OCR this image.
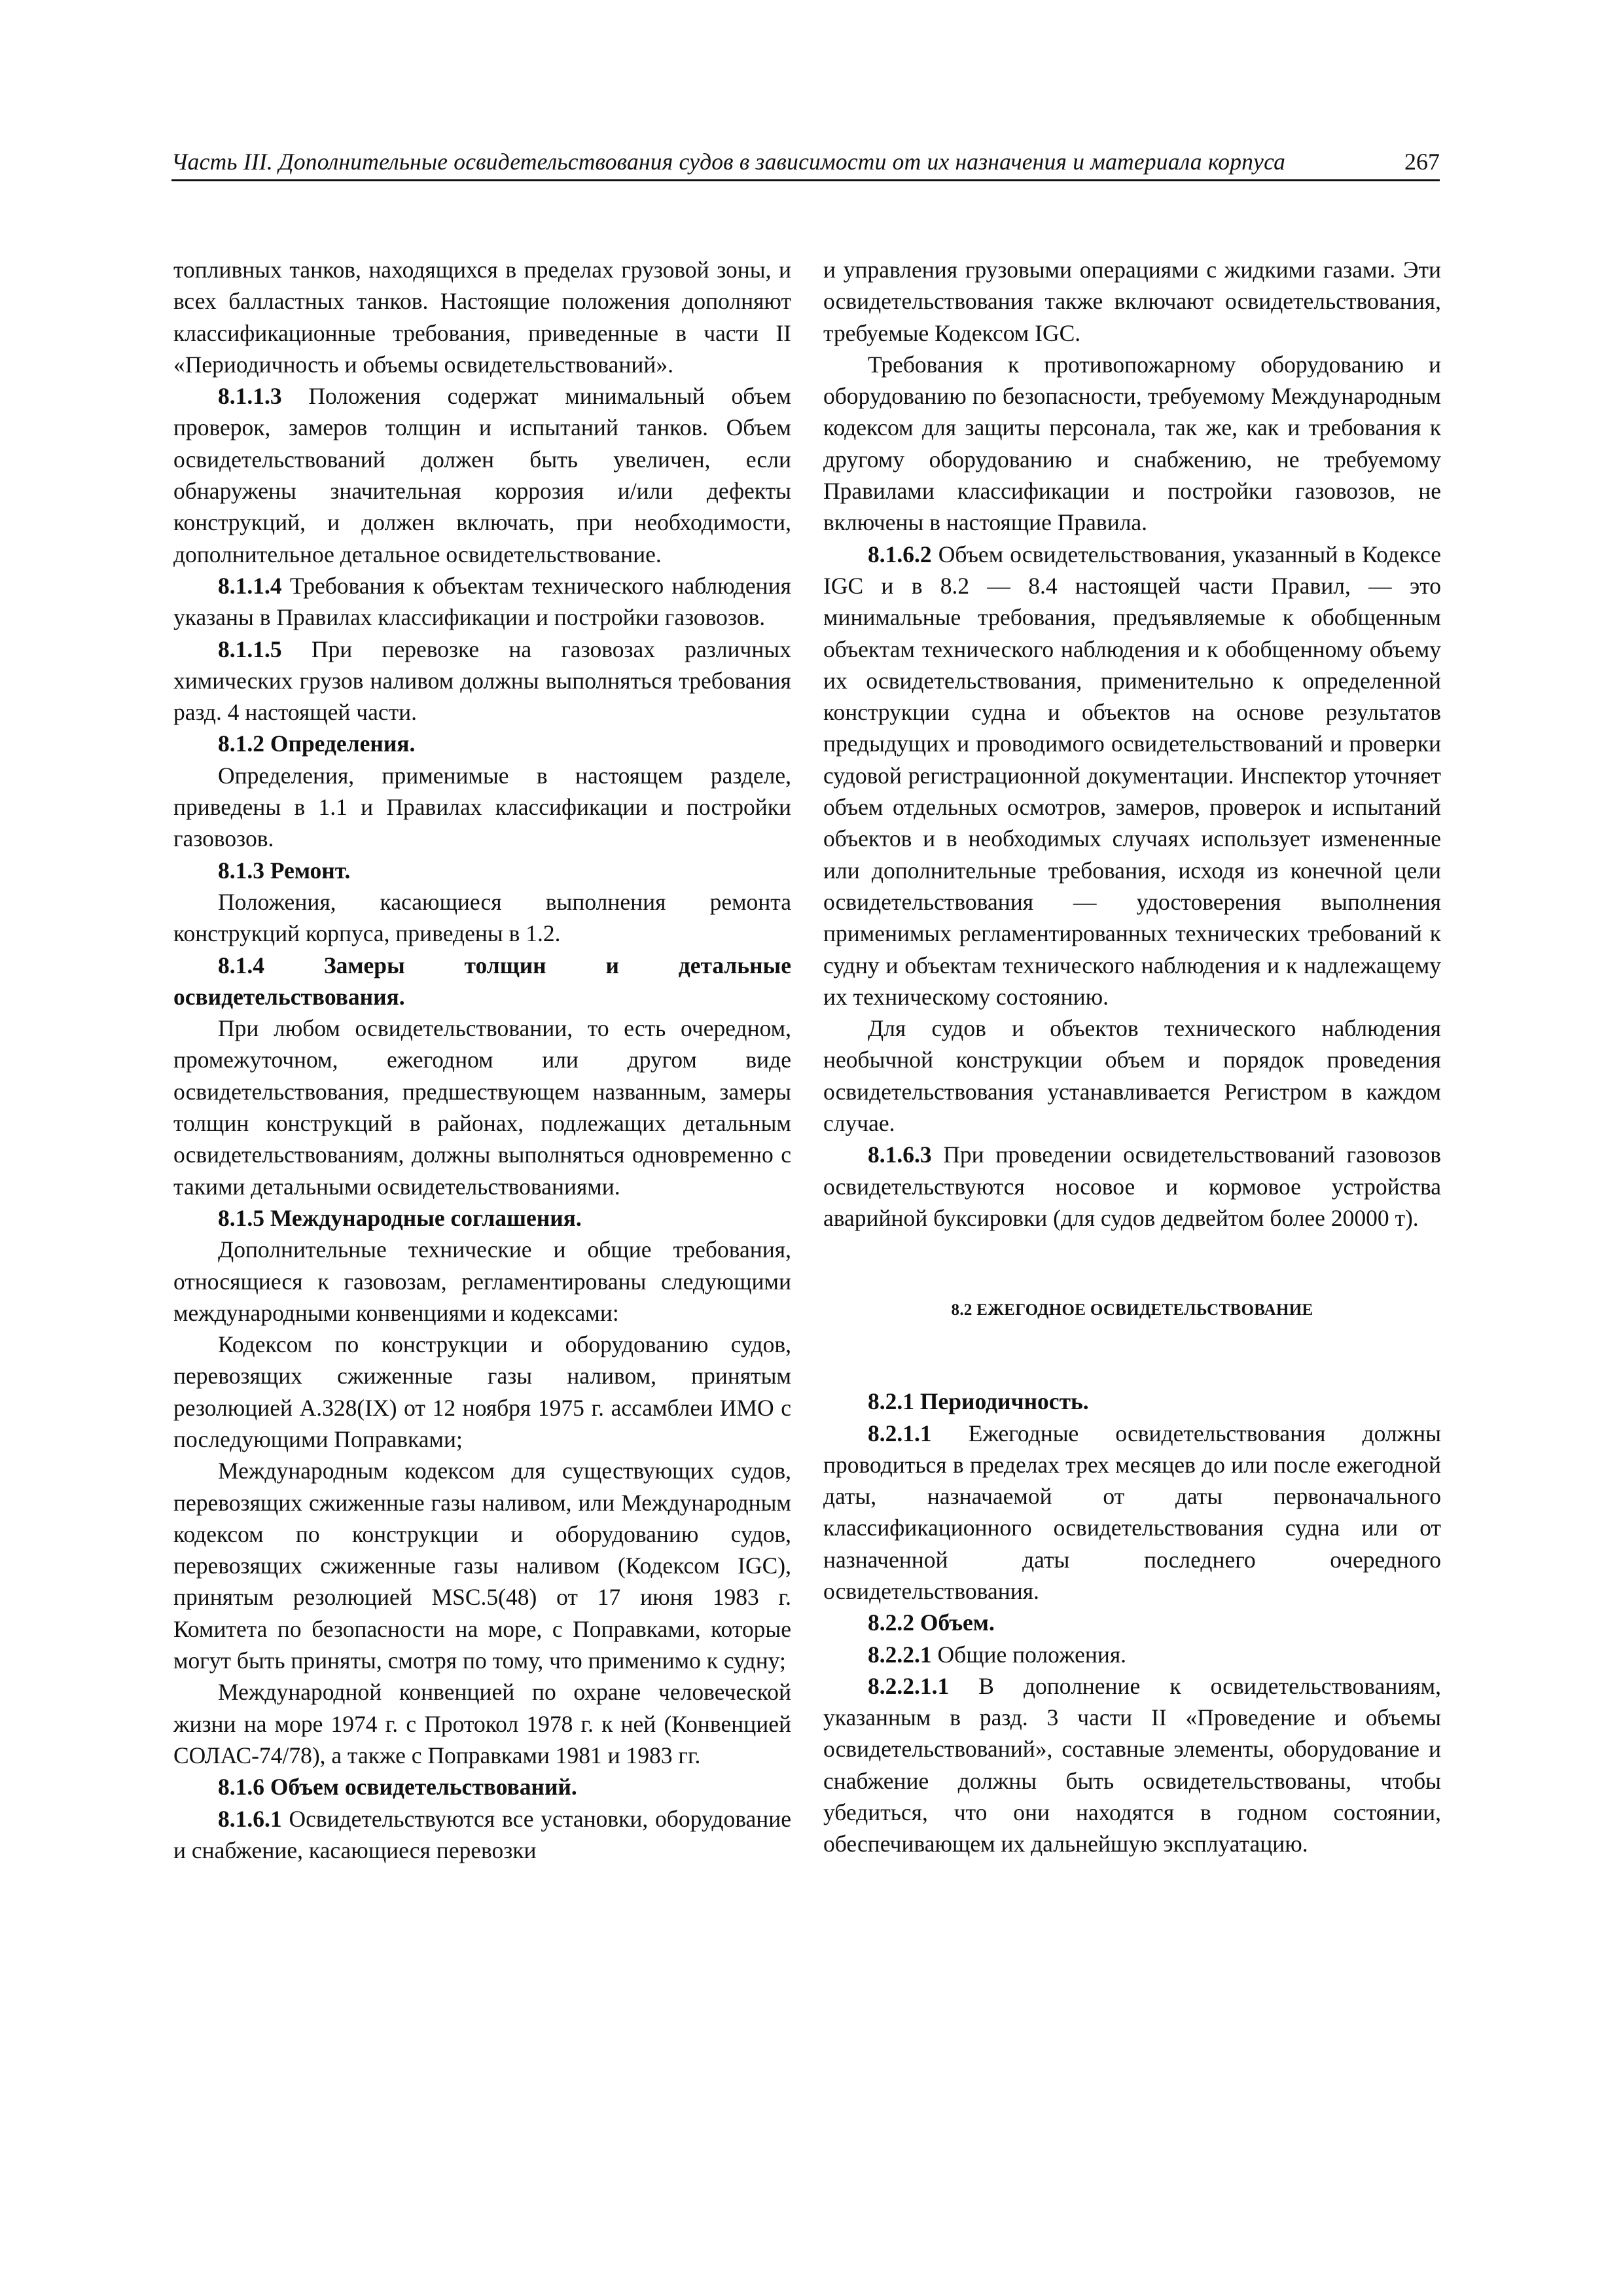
Часть III. Дополнительные освидетельствования судов в зависимости от их назначения и материала корпуса	267

топливных танков, находящихся в пределах грузовой зоны, и всех балластных танков. Настоящие положения дополняют классификационные требования, приведенные в части II «Периодичность и объемы освидетельствований».

8.1.1.3 Положения содержат минимальный объем проверок, замеров толщин и испытаний танков. Объем освидетельствований должен быть увеличен, если обнаружены значительная коррозия и/или дефекты конструкций, и должен включать, при необходимости, дополнительное детальное освидетельствование.

8.1.1.4 Требования к объектам технического наблюдения указаны в Правилах классификации и постройки газовозов.

8.1.1.5 При перевозке на газовозах различных химических грузов наливом должны выполняться требования разд. 4 настоящей части.

8.1.2 Определения.

Определения, применимые в настоящем разделе, приведены в 1.1 и Правилах классификации и постройки газовозов.

8.1.3 Ремонт.

Положения, касающиеся выполнения ремонта конструкций корпуса, приведены в 1.2.

8.1.4 Замеры толщин и детальные освидетельствования.

При любом освидетельствовании, то есть очередном, промежуточном, ежегодном или другом виде освидетельствования, предшествующем названным, замеры толщин конструкций в районах, подлежащих детальным освидетельствованиям, должны выполняться одновременно с такими детальными освидетельствованиями.

8.1.5 Международные соглашения.

Дополнительные технические и общие требования, относящиеся к газовозам, регламентированы следующими международными конвенциями и кодексами:

Кодексом по конструкции и оборудованию судов, перевозящих сжиженные газы наливом, принятым резолюцией А.328(IX) от 12 ноября 1975 г. ассамблеи ИМО с последующими Поправками;

Международным кодексом для существующих судов, перевозящих сжиженные газы наливом, или Международным кодексом по конструкции и оборудованию судов, перевозящих сжиженные газы наливом (Кодексом IGC), принятым резолюцией MSC.5(48) от 17 июня 1983 г. Комитета по безопасности на море, с Поправками, которые могут быть приняты, смотря по тому, что применимо к судну;

Международной конвенцией по охране человеческой жизни на море 1974 г. с Протокол 1978 г. к ней (Конвенцией СОЛАС-74/78), а также с Поправками 1981 и 1983 гг.

8.1.6 Объем освидетельствований.

8.1.6.1 Освидетельствуются все установки, оборудование и снабжение, касающиеся перевозки

и управления грузовыми операциями с жидкими газами. Эти освидетельствования также включают освидетельствования, требуемые Кодексом IGC.

Требования к противопожарному оборудованию и оборудованию по безопасности, требуемому Международным кодексом для защиты персонала, так же, как и требования к другому оборудованию и снабжению, не требуемому Правилами классификации и постройки газовозов, не включены в настоящие Правила.

8.1.6.2 Объем освидетельствования, указанный в Кодексе IGC и в 8.2 — 8.4 настоящей части Правил, — это минимальные требования, предъявляемые к обобщенным объектам технического наблюдения и к обобщенному объему их освидетельствования, применительно к определенной конструкции судна и объектов на основе результатов предыдущих и проводимого освидетельствований и проверки судовой регистрационной документации. Инспектор уточняет объем отдельных осмотров, замеров, проверок и испытаний объектов и в необходимых случаях использует измененные или дополнительные требования, исходя из конечной цели освидетельствования — удостоверения выполнения применимых регламентированных технических требований к судну и объектам технического наблюдения и к надлежащему их техническому состоянию.

Для судов и объектов технического наблюдения необычной конструкции объем и порядок проведения освидетельствования устанавливается Регистром в каждом случае.

8.1.6.3 При проведении освидетельствований газовозов освидетельствуются носовое и кормовое устройства аварийной буксировки (для судов дедвейтом более 20000 т).

8.2 ЕЖЕГОДНОЕ ОСВИДЕТЕЛЬСТВОВАНИЕ

8.2.1 Периодичность.

8.2.1.1 Ежегодные освидетельствования должны проводиться в пределах трех месяцев до или после ежегодной даты, назначаемой от даты первоначального классификационного освидетельствования судна или от назначенной даты последнего очередного освидетельствования.

8.2.2 Объем.

8.2.2.1 Общие положения.

8.2.2.1.1 В дополнение к освидетельствованиям, указанным в разд. 3 части II «Проведение и объемы освидетельствований», составные элементы, оборудование и снабжение должны быть освидетельствованы, чтобы убедиться, что они находятся в годном состоянии, обеспечивающем их дальнейшую эксплуатацию.
